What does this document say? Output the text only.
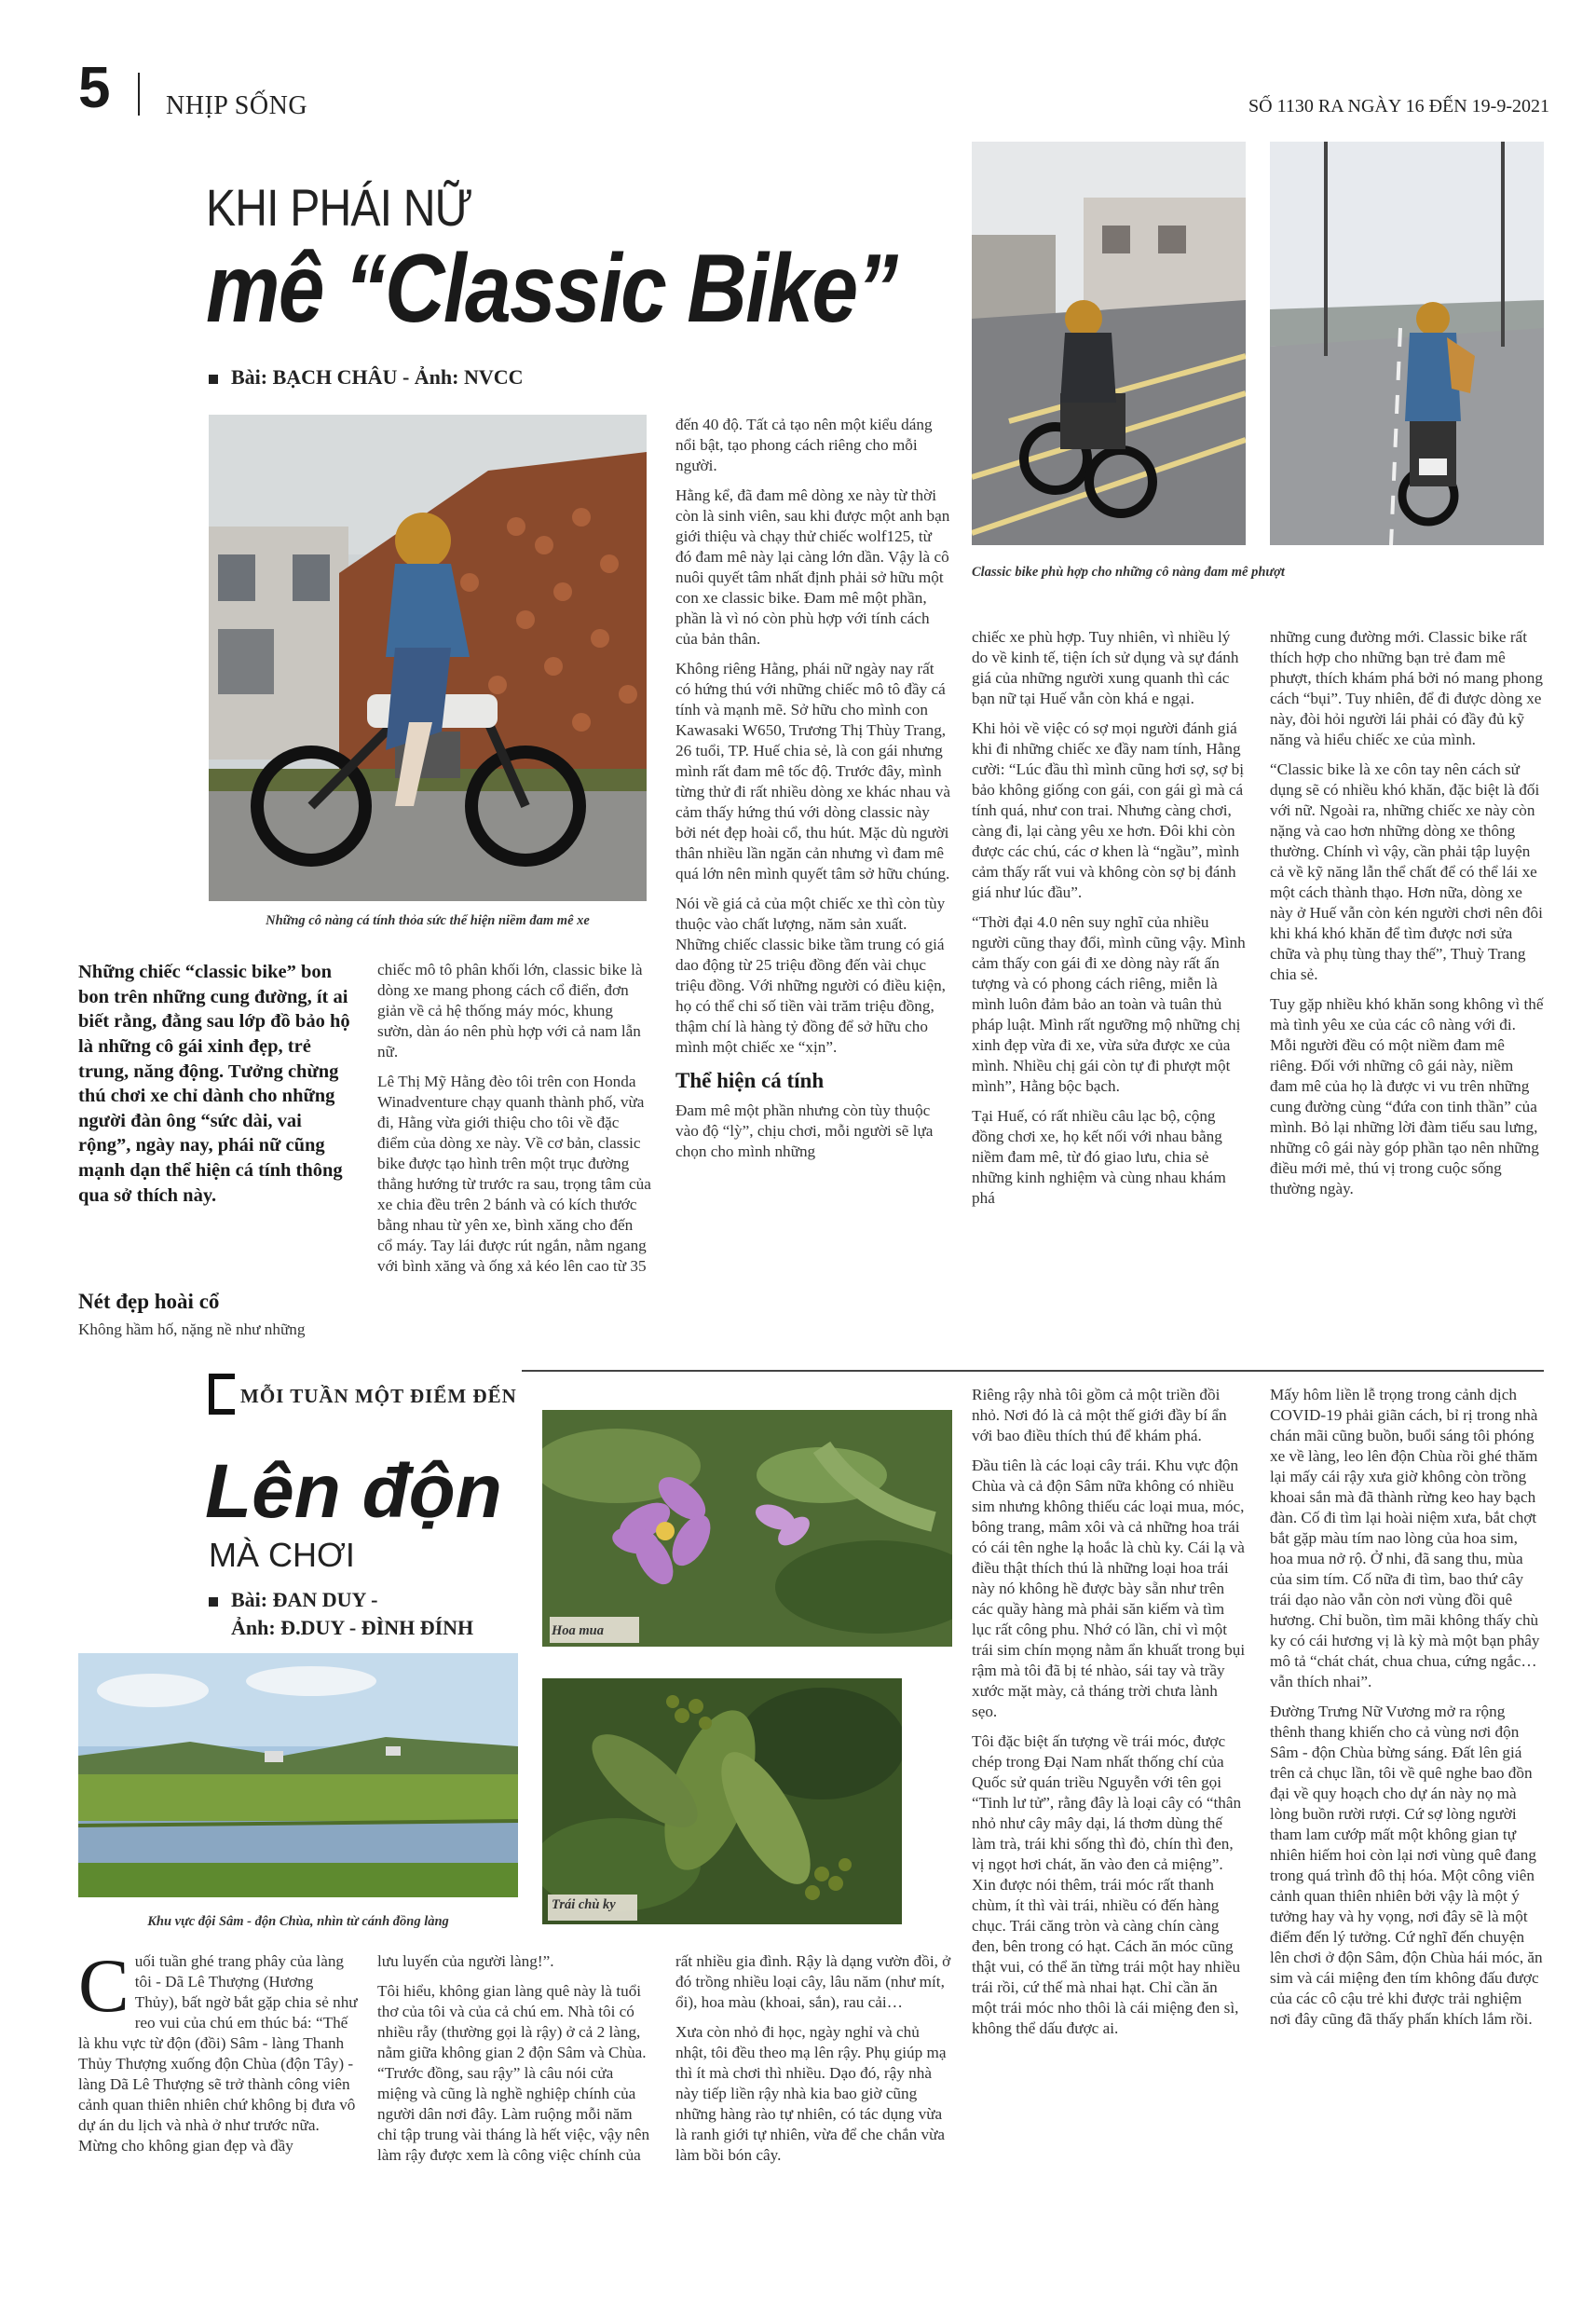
5 NHỊP SỐNG	SỐ 1130 RA NGÀY 16 ĐẾN 19-9-2021
KHI PHÁI NỮ
mê “Classic Bike”
Bài: BẠCH CHÂU - Ảnh: NVCC
Những cô nàng cá tính thỏa sức thể hiện niềm đam mê xe
Classic bike phù hợp cho những cô nàng đam mê phượt
Những chiếc “classic bike” bon bon trên những cung đường, ít ai biết rằng, đằng sau lớp đồ bảo hộ là những cô gái xinh đẹp, trẻ trung, năng động. Tưởng chừng thú chơi xe chỉ dành cho những người đàn ông “sức dài, vai rộng”, ngày nay, phái nữ cũng mạnh dạn thể hiện cá tính thông qua sở thích này.
Nét đẹp hoài cổ

Không hầm hố, nặng nề như những

chiếc mô tô phân khối lớn, classic bike là dòng xe mang phong cách cổ điển, đơn giản về cả hệ thống máy móc, khung sườn, dàn áo nên phù hợp với cả nam lẫn nữ.

Lê Thị Mỹ Hằng đèo tôi trên con Honda Winadventure chạy quanh thành phố, vừa đi, Hằng vừa giới thiệu cho tôi về đặc điểm của dòng xe này. Về cơ bản, classic bike được tạo hình trên một trục đường thẳng hướng từ trước ra sau, trọng tâm của xe chia đều trên 2 bánh và có kích thước bằng nhau từ yên xe, bình xăng cho đến cổ máy. Tay lái được rút ngắn, nằm ngang với bình xăng và ống xả kéo lên cao từ 35

đến 40 độ. Tất cả tạo nên một kiểu dáng nổi bật, tạo phong cách riêng cho mỗi người.

Hằng kể, đã đam mê dòng xe này từ thời còn là sinh viên, sau khi được một anh bạn giới thiệu và chạy thử chiếc wolf125, từ đó đam mê này lại càng lớn dần. Vậy là cô nuôi quyết tâm nhất định phải sở hữu một con xe classic bike. Đam mê một phần, phần là vì nó còn phù hợp với tính cách của bản thân.

Không riêng Hằng, phái nữ ngày nay rất có hứng thú với những chiếc mô tô đầy cá tính và mạnh mẽ. Sở hữu cho mình con Kawasaki W650, Trương Thị Thùy Trang, 26 tuổi, TP. Huế chia sẻ, là con gái nhưng mình rất đam mê tốc độ. Trước đây, mình từng thử đi rất nhiều dòng xe khác nhau và cảm thấy hứng thú với dòng classic này bởi nét đẹp hoài cổ, thu hút. Mặc dù người thân nhiều lần ngăn cản nhưng vì đam mê quá lớn nên mình quyết tâm sở hữu chúng.

Nói về giá cả của một chiếc xe thì còn tùy thuộc vào chất lượng, năm sản xuất. Những chiếc classic bike tầm trung có giá dao động từ 25 triệu đồng đến vài chục triệu đồng. Với những người có điều kiện, họ có thể chi số tiền vài trăm triệu đồng, thậm chí là hàng tỷ đồng để sở hữu cho mình một chiếc xe “xịn”.

Thể hiện cá tính

Đam mê một phần nhưng còn tùy thuộc vào độ “lỳ”, chịu chơi, mỗi người sẽ lựa chọn cho mình những

chiếc xe phù hợp. Tuy nhiên, vì nhiều lý do về kinh tế, tiện ích sử dụng và sự đánh giá của những người xung quanh thì các bạn nữ tại Huế vẫn còn khá e ngại.

Khi hỏi về việc có sợ mọi người đánh giá khi đi những chiếc xe đầy nam tính, Hằng cười: “Lúc đầu thì mình cũng hơi sợ, sợ bị bảo không giống con gái, con gái gì mà cá tính quá, như con trai. Nhưng càng chơi, càng đi, lại càng yêu xe hơn. Đôi khi còn được các chú, các ơ khen là “ngầu”, mình cảm thấy rất vui và không còn sợ bị đánh giá như lúc đầu”.

“Thời đại 4.0 nên suy nghĩ của nhiều người cũng thay đổi, mình cũng vậy. Mình cảm thấy con gái đi xe dòng này rất ấn tượng và có phong cách riêng, miễn là mình luôn đảm bảo an toàn và tuân thủ pháp luật. Mình rất ngưỡng mộ những chị xinh đẹp vừa đi xe, vừa sửa được xe của mình. Nhiều chị gái còn tự đi phượt một mình”, Hằng bộc bạch.

Tại Huế, có rất nhiều câu lạc bộ, cộng đồng chơi xe, họ kết nối với nhau bằng niềm đam mê, từ đó giao lưu, chia sẻ những kinh nghiệm và cùng nhau khám phá

những cung đường mới. Classic bike rất thích hợp cho những bạn trẻ đam mê phượt, thích khám phá bởi nó mang phong cách “bụi”. Tuy nhiên, để đi được dòng xe này, đòi hỏi người lái phải có đầy đủ kỹ năng và hiểu chiếc xe của mình.

“Classic bike là xe côn tay nên cách sử dụng sẽ có nhiều khó khăn, đặc biệt là đối với nữ. Ngoài ra, những chiếc xe này còn nặng và cao hơn những dòng xe thông thường. Chính vì vậy, cần phải tập luyện cả về kỹ năng lẫn thể chất để có thể lái xe một cách thành thạo. Hơn nữa, dòng xe này ở Huế vẫn còn kén người chơi nên đôi khi khá khó khăn để tìm được nơi sửa chữa và phụ tùng thay thế”, Thuỳ Trang chia sẻ.

Tuy gặp nhiều khó khăn song không vì thế mà tình yêu xe của các cô nàng với đi. Mỗi người đều có một niềm đam mê riêng. Đối với những cô gái này, niềm đam mê của họ là được vi vu trên những cung đường cùng “đứa con tinh thần” của mình. Bỏ lại những lời đàm tiếu sau lưng, những cô gái này góp phần tạo nên những điều mới mẻ, thú vị trong cuộc sống thường ngày.

MỖI TUẦN MỘT ĐIỂM ĐẾN
Lên độn
MÀ CHƠI
Bài: ĐAN DUY -
Ảnh: Đ.DUY - ĐÌNH ĐÍNH	Hoa mua
Khu vực đội Sâm - độn Chùa, nhìn từ cánh đồng làng
Trái chù ky

Cuối tuần ghé trang phây của làng tôi - Dã Lê Thượng (Hương Thủy), bất ngờ bắt gặp chia sẻ như reo vui của chú em thúc bá: “Thế là khu vực từ độn (đồi) Sâm - làng Thanh Thủy Thượng xuống độn Chùa (độn Tây) - làng Dã Lê Thượng sẽ trở thành công viên cảnh quan thiên nhiên chứ không bị đưa vô dự án du lịch và nhà ở như trước nữa. Mừng cho không gian đẹp và đầy

lưu luyến của người làng!”.

Tôi hiểu, không gian làng quê này là tuổi thơ của tôi và của cả chú em. Nhà tôi có nhiều rẫy (thường gọi là rậy) ở cả 2 làng, nằm giữa không gian 2 độn Sâm và Chùa. “Trước đồng, sau rậy” là câu nói cửa miệng và cũng là nghề nghiệp chính của người dân nơi đây. Làm ruộng mỗi năm chỉ tập trung vài tháng là hết việc, vậy nên làm rậy được xem là công việc chính của

rất nhiều gia đình. Rậy là dạng vườn đồi, ở đó trồng nhiều loại cây, lâu năm (như mít, ổi), hoa màu (khoai, sắn), rau cải…

Xưa còn nhỏ đi học, ngày nghỉ và chủ nhật, tôi đều theo mạ lên rậy. Phụ giúp mạ thì ít mà chơi thì nhiều. Dạo đó, rậy nhà này tiếp liền rậy nhà kia bao giờ cũng những hàng rào tự nhiên, có tác dụng vừa là ranh giới tự nhiên, vừa để che chắn vừa làm bồi bón cây.

Riêng rậy nhà tôi gồm cả một triền đồi nhỏ. Nơi đó là cả một thế giới đầy bí ẩn với bao điều thích thú để khám phá.

Đầu tiên là các loại cây trái. Khu vực độn Chùa và cả độn Sâm nữa không có nhiều sim nhưng không thiếu các loại mua, móc, bông trang, mâm xôi và cả những hoa trái có cái tên nghe lạ hoắc là chù ky. Cái lạ và điều thật thích thú là những loại hoa trái này nó không hề được bày sẵn như trên các quầy hàng mà phải săn kiếm và tìm lục rất công phu. Nhớ có lần, chỉ vì một trái sim chín mọng nằm ẩn khuất trong bụi rậm mà tôi đã bị té nhào, sái tay và trầy xước mặt mày, cả tháng trời chưa lành sẹo.

Tôi đặc biệt ấn tượng về trái móc, được chép trong Đại Nam nhất thống chí của Quốc sử quán triều Nguyễn với tên gọi “Tinh lư tử”, rằng đây là loại cây có “thân nhỏ như cây mây dại, lá thơm dùng thế làm trà, trái khi sống thì đỏ, chín thì đen, vị ngọt hơi chát, ăn vào đen cả miệng”. Xin được nói thêm, trái móc rất thanh chùm, ít thì vài trái, nhiều có đến hàng chục. Trái căng tròn và càng chín càng đen, bên trong có hạt. Cách ăn móc cũng thật vui, có thể ăn từng trái một hay nhiều trái rồi, cứ thế mà nhai hạt. Chỉ cần ăn một trái móc nho thôi là cái miệng đen sì, không thể dấu được ai.

Mấy hôm liền lễ trọng trong cảnh dịch COVID-19 phải giãn cách, bỉ rị trong nhà chán mãi cũng buồn, buổi sáng tôi phóng xe về làng, leo lên độn Chùa rồi ghé thăm lại mấy cái rậy xưa giờ không còn trồng khoai sắn mà đã thành rừng keo hay bạch đàn. Cố đi tìm lại hoài niệm xưa, bắt chợt bắt gặp màu tím nao lòng của hoa sim, hoa mua nở rộ. Ở nhi, đã sang thu, mùa của sim tím. Cố nữa đi tìm, bao thứ cây trái dạo nào vẫn còn nơi vùng đồi quê hương. Chỉ buồn, tìm mãi không thấy chù ky có cái hương vị là kỳ mà một bạn phây mô tả “chát chát, chua chua, cứng ngắc… vẫn thích nhai”.

Đường Trưng Nữ Vương mở ra rộng thênh thang khiến cho cả vùng nơi độn Sâm - độn Chùa bừng sáng. Đất lên giá trên cả chục lần, tôi về quê nghe bao đồn đại về quy hoạch cho dự án này nọ mà lòng buồn rười rượi. Cứ sợ lòng người tham lam cướp mất một không gian tự nhiên hiếm hoi còn lại nơi vùng quê đang trong quá trình đô thị hóa. Một công viên cảnh quan thiên nhiên bởi vậy là một ý tưởng hay và hy vọng, nơi đây sẽ là một điểm đến lý tưởng. Cứ nghĩ đến chuyện lên chơi ở độn Sâm, độn Chùa hái móc, ăn sim và cái miệng đen tím không đấu được của các cô cậu trẻ khi được trải nghiệm nơi đây cũng đã thấy phấn khích lắm rồi.
